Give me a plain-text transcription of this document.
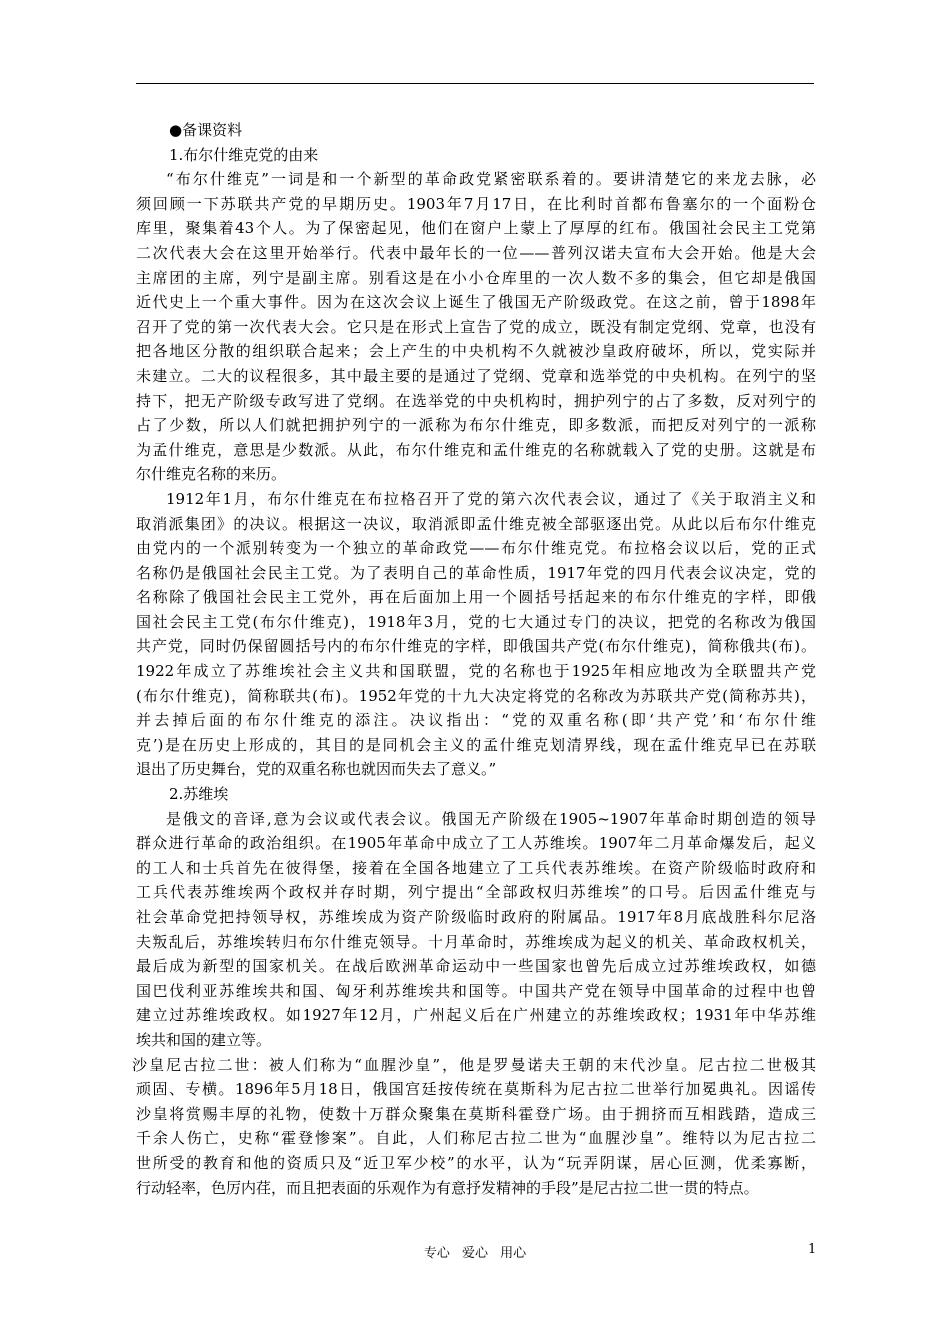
●备课资料
1.布尔什维克党的由来
“布尔什维克”一词是和一个新型的革命政党紧密联系着的。要讲清楚它的来龙去脉，必
须回顾一下苏联共产党的早期历史。1903年7月17日，在比利时首都布鲁塞尔的一个面粉仓
库里，聚集着43个人。为了保密起见，他们在窗户上蒙上了厚厚的红布。俄国社会民主工党第
二次代表大会在这里开始举行。代表中最年长的一位——普列汉诺夫宣布大会开始。他是大会
主席团的主席，列宁是副主席。别看这是在小小仓库里的一次人数不多的集会，但它却是俄国
近代史上一个重大事件。因为在这次会议上诞生了俄国无产阶级政党。在这之前，曾于1898年
召开了党的第一次代表大会。它只是在形式上宣告了党的成立，既没有制定党纲、党章，也没有
把各地区分散的组织联合起来；会上产生的中央机构不久就被沙皇政府破坏，所以，党实际并
未建立。二大的议程很多，其中最主要的是通过了党纲、党章和选举党的中央机构。在列宁的坚
持下，把无产阶级专政写进了党纲。在选举党的中央机构时，拥护列宁的占了多数，反对列宁的
占了少数，所以人们就把拥护列宁的一派称为布尔什维克，即多数派，而把反对列宁的一派称
为孟什维克，意思是少数派。从此，布尔什维克和孟什维克的名称就载入了党的史册。这就是布
尔什维克名称的来历。
1912年1月，布尔什维克在布拉格召开了党的第六次代表会议，通过了《关于取消主义和
取消派集团》的决议。根据这一决议，取消派即孟什维克被全部驱逐出党。从此以后布尔什维克
由党内的一个派别转变为一个独立的革命政党——布尔什维克党。布拉格会议以后，党的正式
名称仍是俄国社会民主工党。为了表明自己的革命性质，1917年党的四月代表会议决定，党的
名称除了俄国社会民主工党外，再在后面加上用一个圆括号括起来的布尔什维克的字样，即俄
国社会民主工党(布尔什维克)，1918年3月，党的七大通过专门的决议，把党的名称改为俄国
共产党，同时仍保留圆括号内的布尔什维克的字样，即俄国共产党(布尔什维克)，简称俄共(布)。
1922年成立了苏维埃社会主义共和国联盟，党的名称也于1925年相应地改为全联盟共产党
(布尔什维克)，简称联共(布)。1952年党的十九大决定将党的名称改为苏联共产党(简称苏共)，
并去掉后面的布尔什维克的添注。决议指出：“党的双重名称(即‘共产党’和‘布尔什维
克’)是在历史上形成的，其目的是同机会主义的孟什维克划清界线，现在孟什维克早已在苏联
退出了历史舞台，党的双重名称也就因而失去了意义。”
2.苏维埃
是俄文的音译,意为会议或代表会议。俄国无产阶级在1905~1907年革命时期创造的领导
群众进行革命的政治组织。在1905年革命中成立了工人苏维埃。1907年二月革命爆发后，起义
的工人和士兵首先在彼得堡，接着在全国各地建立了工兵代表苏维埃。在资产阶级临时政府和
工兵代表苏维埃两个政权并存时期，列宁提出“全部政权归苏维埃”的口号。后因孟什维克与
社会革命党把持领导权，苏维埃成为资产阶级临时政府的附属品。1917年8月底战胜科尔尼洛
夫叛乱后，苏维埃转归布尔什维克领导。十月革命时，苏维埃成为起义的机关、革命政权机关，
最后成为新型的国家机关。在战后欧洲革命运动中一些国家也曾先后成立过苏维埃政权，如德
国巴伐利亚苏维埃共和国、匈牙利苏维埃共和国等。中国共产党在领导中国革命的过程中也曾
建立过苏维埃政权。如1927年12月，广州起义后在广州建立的苏维埃政权；1931年中华苏维
埃共和国的建立等。
沙皇尼古拉二世：被人们称为“血腥沙皇”，他是罗曼诺夫王朝的末代沙皇。尼古拉二世极其
顽固、专横。1896年5月18日，俄国宫廷按传统在莫斯科为尼古拉二世举行加冕典礼。因谣传
沙皇将赏赐丰厚的礼物，使数十万群众聚集在莫斯科霍登广场。由于拥挤而互相践踏，造成三
千余人伤亡，史称“霍登惨案”。自此，人们称尼古拉二世为“血腥沙皇”。维特以为尼古拉二
世所受的教育和他的资质只及“近卫军少校”的水平，认为“玩弄阴谋，居心叵测，优柔寡断，
行动轻率，色厉内荏，而且把表面的乐观作为有意抒发精神的手段”是尼古拉二世一贯的特点。
专心 爱心 用心	1
